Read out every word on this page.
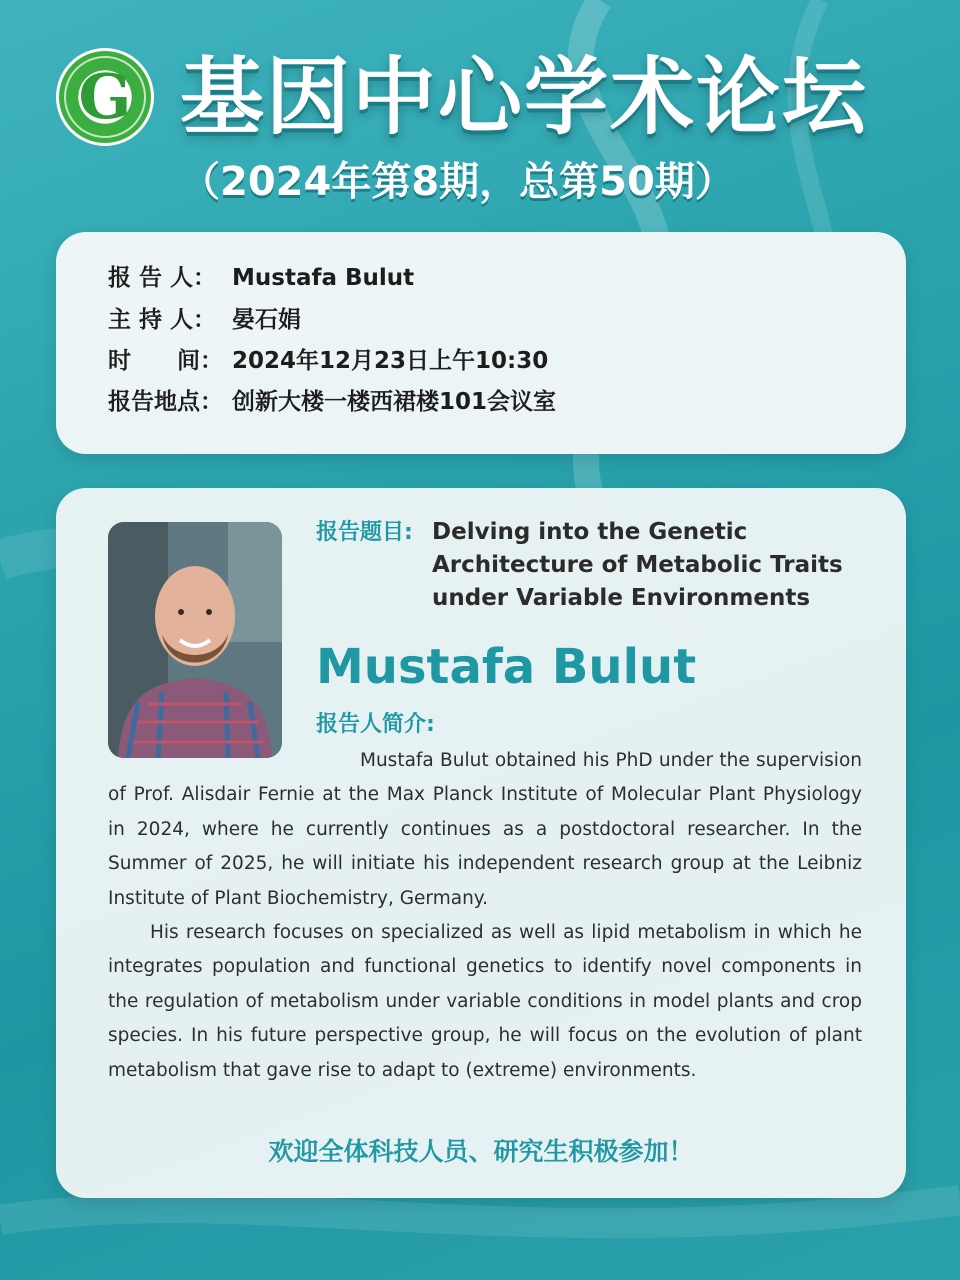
G 基因中心学术论坛
（2024年第8期，总第50期）
报 告 人： Mustafa Bulut
主 持 人： 晏石娟
时　　间： 2024年12月23日上午10:30
报告地点： 创新大楼一楼西裙楼101会议室
报告题目: Delving into the Genetic Architecture of Metabolic Traits under Variable Environments
Mustafa Bulut
报告人简介:

Mustafa Bulut obtained his PhD under the supervision of Prof. Alisdair Fernie at the Max Planck Institute of Molecular Plant Physiology in 2024, where he currently continues as a postdoctoral researcher. In the Summer of 2025, he will initiate his independent research group at the Leibniz Institute of Plant Biochemistry, Germany.

His research focuses on specialized as well as lipid metabolism in which he integrates population and functional genetics to identify novel components in the regulation of metabolism under variable conditions in model plants and crop species. In his future perspective group, he will focus on the evolution of plant metabolism that gave rise to adapt to (extreme) environments.

欢迎全体科技人员、研究生积极参加！
